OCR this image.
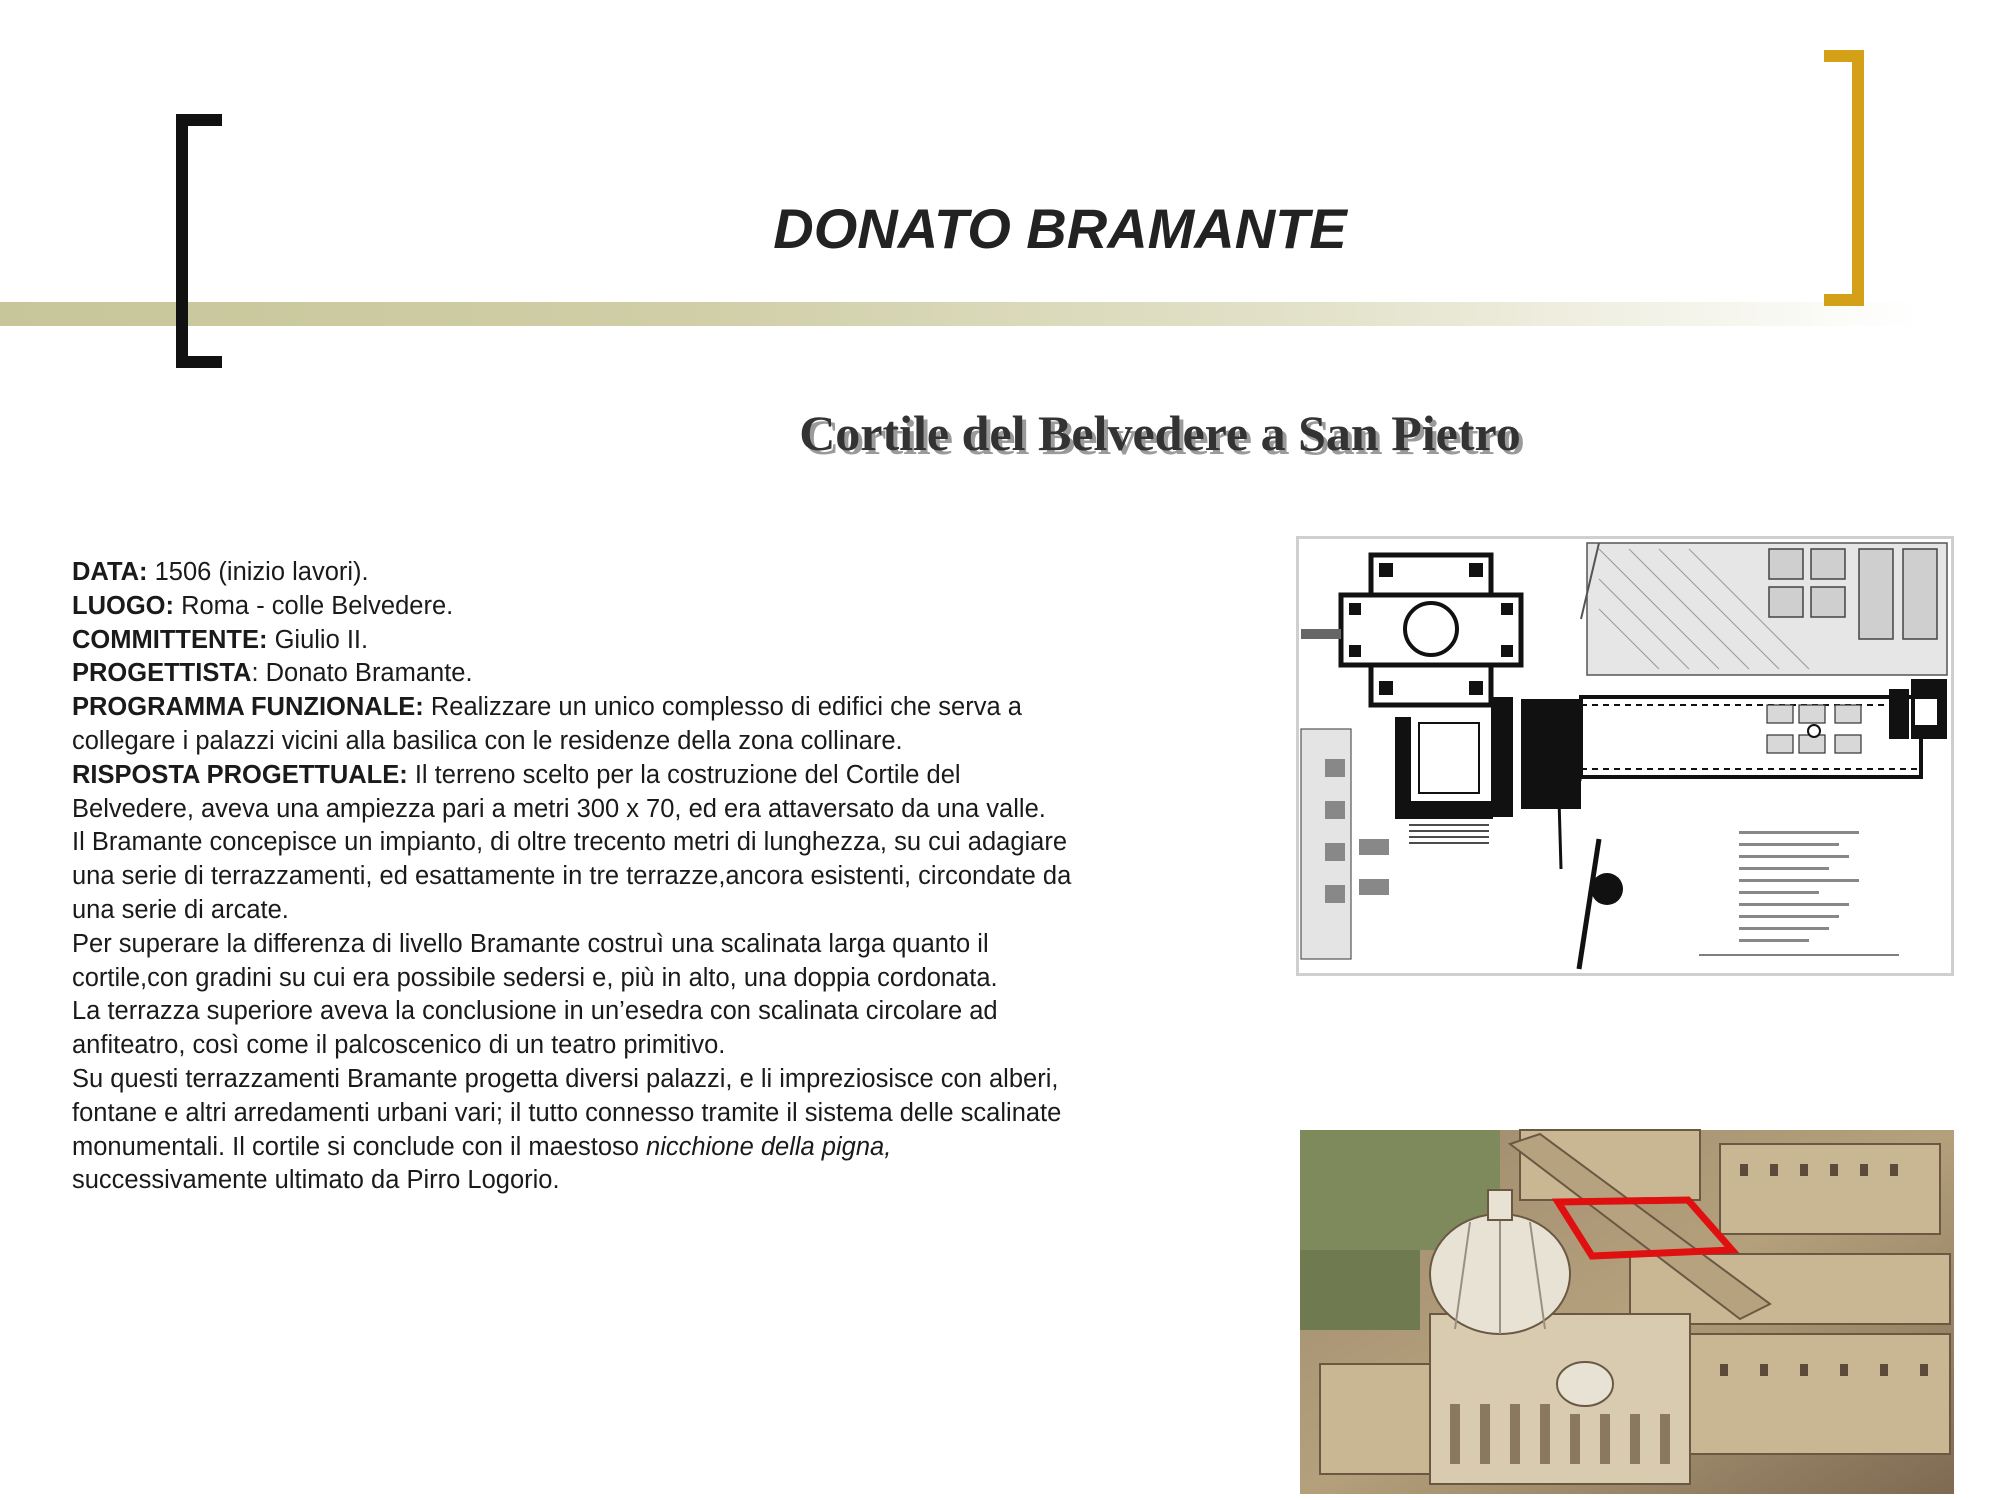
DONATO BRAMANTE
Cortile del Belvedere a San Pietro

DATA: 1506 (inizio lavori).

LUOGO: Roma - colle Belvedere.

COMMITTENTE: Giulio II.

PROGETTISTA: Donato Bramante.

PROGRAMMA FUNZIONALE: Realizzare un unico complesso di edifici che serva a collegare i palazzi vicini alla basilica con le residenze della zona collinare.

RISPOSTA PROGETTUALE: Il terreno scelto per la costruzione del Cortile del Belvedere, aveva una ampiezza pari a metri 300 x 70, ed era attaversato da una valle.

Il Bramante concepisce un impianto, di oltre trecento metri di lunghezza, su cui adagiare una serie di terrazzamenti, ed esattamente in tre terrazze,ancora esistenti, circondate da una serie di arcate.

Per superare la differenza di livello Bramante costruì una scalinata larga quanto il cortile,con gradini su cui era possibile sedersi e, più in alto, una doppia cordonata.

La terrazza superiore aveva la conclusione in un’esedra con scalinata circolare ad anfiteatro, così come il palcoscenico di un teatro primitivo.

Su questi terrazzamenti Bramante progetta diversi palazzi, e li impreziosisce con alberi, fontane e altri arredamenti urbani vari; il tutto connesso tramite il sistema delle scalinate monumentali. Il cortile si conclude con il maestoso nicchione della pigna, successivamente ultimato da Pirro Logorio.
